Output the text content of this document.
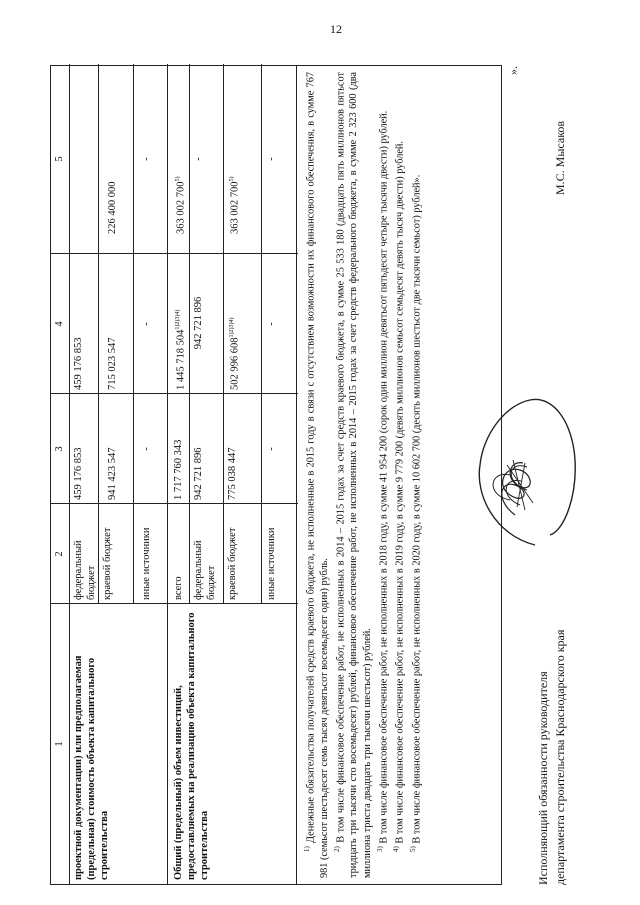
12
1
2
3
4
5
проектной документации) или предполагаемая (предельная) стоимость объекта капитального строительства
федеральный бюджет
459 176 853
459 176 853
краевой бюджет
941 423 547
715 023 547
226 400 000
иные источники
-
-
-
Общий (предельный) объем инвестиций, предоставляемых на реализацию объекта капитального строительства
всего
1 717 760 343
1 445 718 $504^{1)2)3)4)}$
363 002 700$^{5)}$
федеральный бюджет
942 721 896
942 721 896
-
краевой бюджет
775 038 447
502 996 $608^{1)2)3)4)}$
363 002 700$^{5)}$
иные источники
-
-
-

$^{1)}$ Денежные обязательства получателей средств краевого бюджета, не исполненные в 2015 году в связи с отсутствием возможности их финансового обеспечения, в сумме 767 981 (семьсот шестьдесят семь тысяч девятьсот восемьдесят один) рубль. $^{2)}$ В том числе финансовое обеспечение работ, не исполненных в 2014 – 2015 годах за счет средств краевого бюджета, в сумме 25 533 180 (двадцать пять миллионов пятьсот тридцать три тысячи сто восемьдесят) рублей, финансовое обеспечение работ, не исполненных в 2014 – 2015 годах за счет средств федерального бюджета, в сумме 2 323 600 (два миллиона триста двадцать три тысячи шестьсот) рублей. $^{3)}$ В том числе финансовое обеспечение работ, не исполненных в 2018 году, в сумме 41 954 200 (сорок один миллион девятьсот пятьдесят четыре тысячи двести) рублей.

$^{4)}$ В том числе финансовое обеспечение работ, не исполненных в 2019 году, в сумме 9 779 200 (девять миллионов семьсот семьдесят девять тысяч двести) рублей.

$^{5)}$ В том числе финансовое обеспечение работ, не исполненных в 2020 году, в сумме 10 602 700 (десять миллионов шестьсот две тысячи семьсот) рублей».

».
Исполняющий обязанности руководителя департамента строительства Краснодарского края
М.С. Мысаков
